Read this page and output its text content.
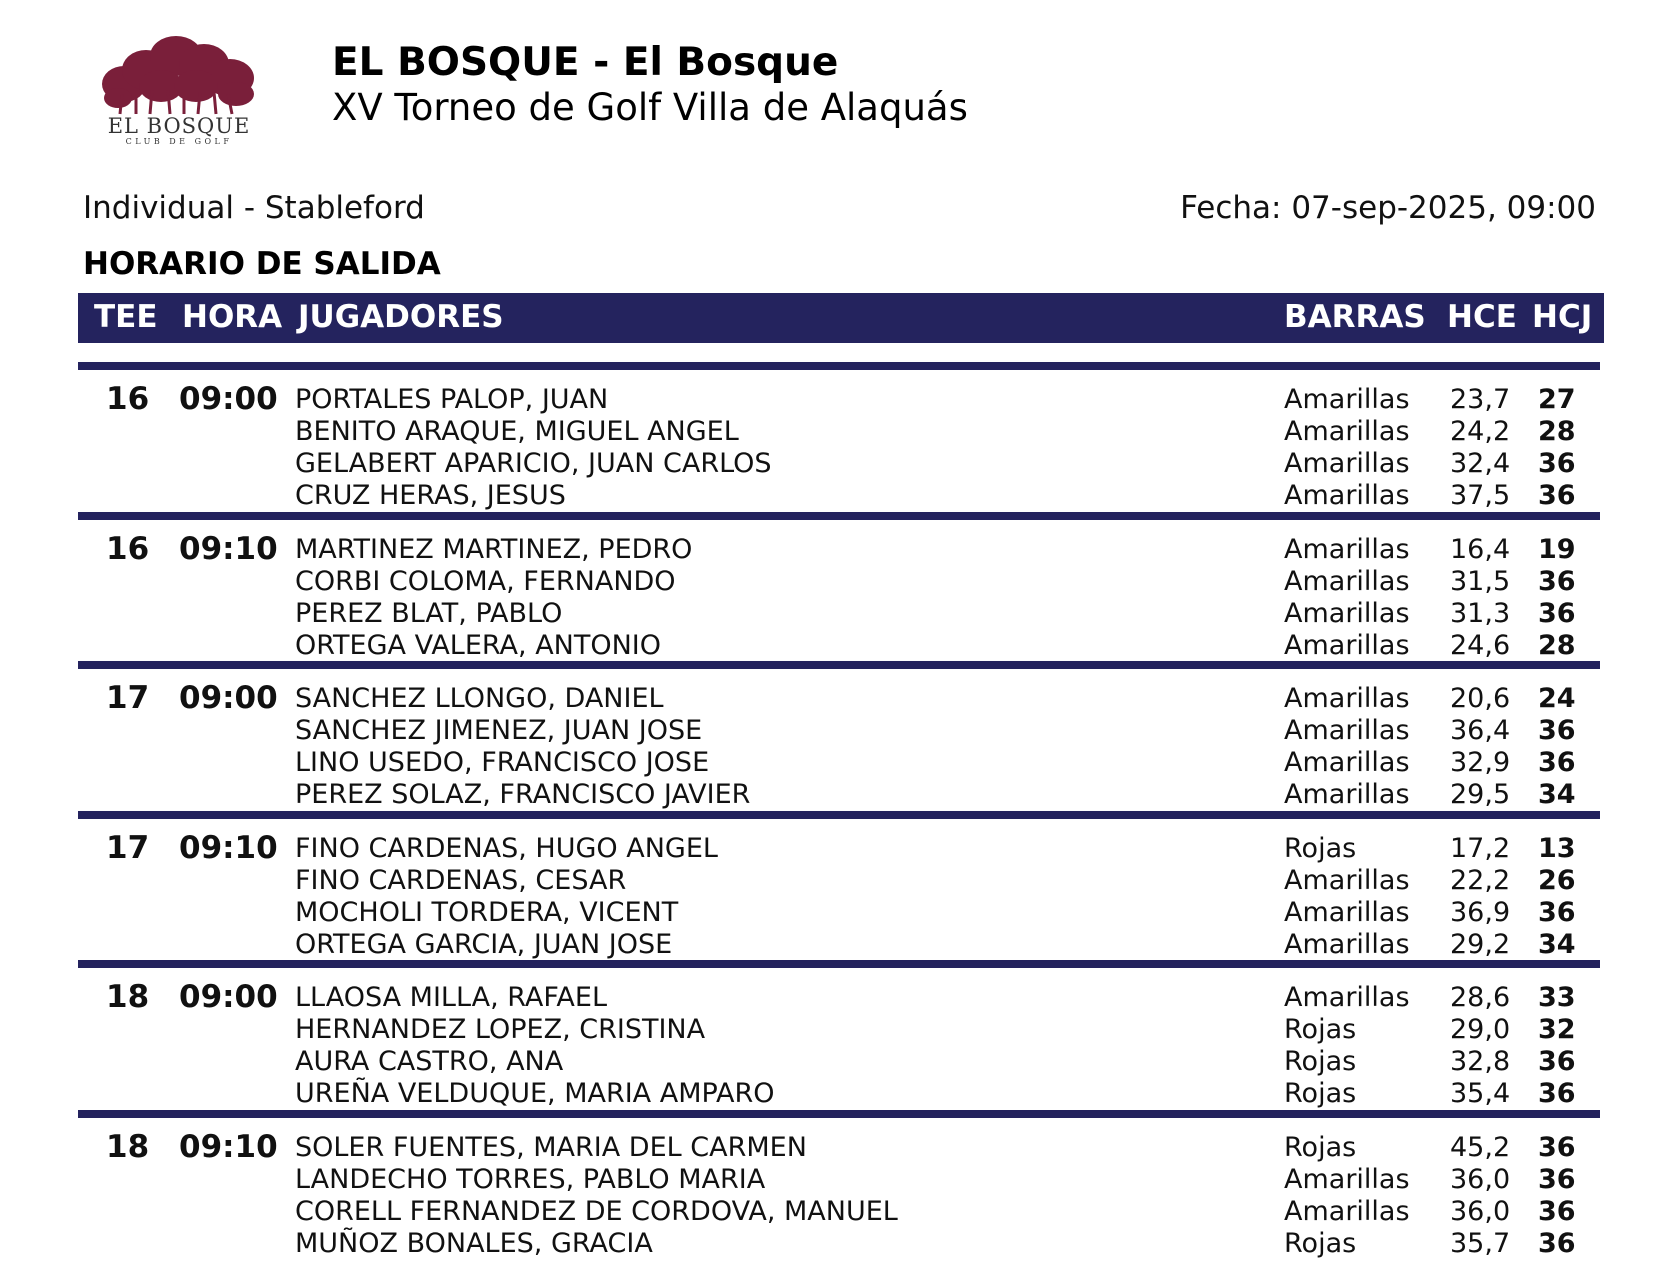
EL BOSQUE
CLUB DE GOLF
EL BOSQUE - El Bosque
XV Torneo de Golf Villa de Alaquás
Individual - Stableford	Fecha: 07-sep-2025, 09:00
HORARIO DE SALIDA
TEE HORA JUGADORES	BARRAS HCE HCJ
16 09:00 PORTALES PALOP, JUAN	Amarillas 23,7	27
BENITO ARAQUE, MIGUEL ANGEL	Amarillas 24,2	28
GELABERT APARICIO, JUAN CARLOS	Amarillas 32,4	36
CRUZ HERAS, JESUS	Amarillas 37,5	36
16 09:10 MARTINEZ MARTINEZ, PEDRO	Amarillas 16,4	19
CORBI COLOMA, FERNANDO	Amarillas 31,5	36
PEREZ BLAT, PABLO	Amarillas 31,3	36
ORTEGA VALERA, ANTONIO	Amarillas 24,6	28
17 09:00 SANCHEZ LLONGO, DANIEL	Amarillas 20,6	24
SANCHEZ JIMENEZ, JUAN JOSE	Amarillas 36,4	36
LINO USEDO, FRANCISCO JOSE	Amarillas 32,9	36
PEREZ SOLAZ, FRANCISCO JAVIER	Amarillas 29,5	34
17 09:10 FINO CARDENAS, HUGO ANGEL	Rojas	17,2	13
FINO CARDENAS, CESAR	Amarillas 22,2	26
MOCHOLI TORDERA, VICENT	Amarillas 36,9	36
ORTEGA GARCIA, JUAN JOSE	Amarillas 29,2	34
18 09:00 LLAOSA MILLA, RAFAEL	Amarillas 28,6	33
HERNANDEZ LOPEZ, CRISTINA	Rojas	29,0	32
AURA CASTRO, ANA	Rojas	32,8	36
UREÑA VELDUQUE, MARIA AMPARO	Rojas	35,4	36
18 09:10 SOLER FUENTES, MARIA DEL CARMEN	Rojas	45,2	36
LANDECHO TORRES, PABLO MARIA	Amarillas 36,0	36
CORELL FERNANDEZ DE CORDOVA, MANUEL	Amarillas 36,0	36
MUÑOZ BONALES, GRACIA	Rojas	35,7	36
